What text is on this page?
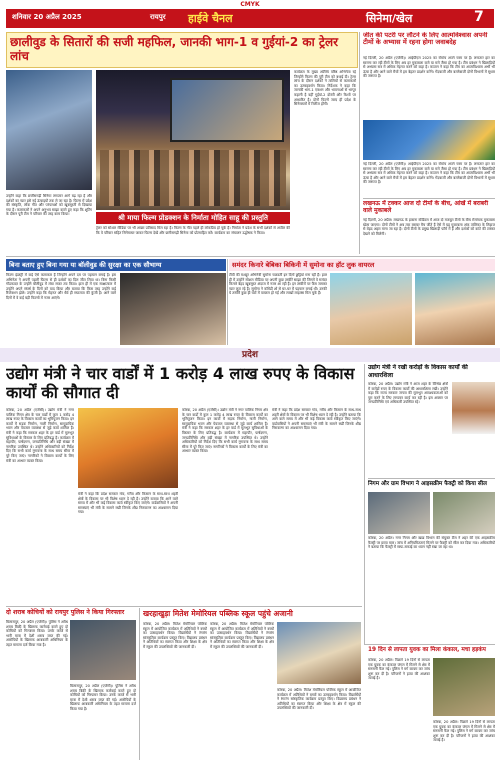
CMYK
शनिवार 20 अप्रैल 2025	रायपुर हाईवे चैनल	सिनेमा/खेल	7
छालीवुड के सितारों की सजी महफिल, जानकी भाग-1 व गुईयां-2 का ट्रेलर लांच
श्री माया फिल्म प्रोडक्शन के निर्माता मोहित साहू की प्रस्तुति
उन्होंने कहा कि छत्तीसगढ़ी सिनेमा लगातार आगे बढ़ रहा है और दर्शकों का प्यार इसे नई ऊंचाइयों तक ले जा रहा है। फिल्म में प्रदेश की संस्कृति, लोक गीत और परंपराओं को खूबसूरती से दिखाया गया है। कलाकारों ने अपने अनुभव साझा करते हुए कहा कि शूटिंग के दौरान पूरी टीम ने परिवार की तरह काम किया।
ट्रेलर को सोशल मीडिया पर भी अच्छा प्रतिसाद मिल रहा है। फिल्म के गीत पहले ही लोकप्रिय हो चुके हैं। निर्माता ने प्रदेश के सभी दर्शकों से अपील की कि वे परिवार सहित सिनेमाघर जाकर फिल्म देखें और छत्तीसगढ़ी सिनेमा को प्रोत्साहित करें। कार्यक्रम का संचालन उद्घोषक ने किया।
कार्यक्रम के मुख्य अतिथि वरिष्ठ अभिनेता रहे जिन्होंने फिल्म की पूरी टीम को बधाई दी। ट्रेलर लांच के दौरान दर्शकों ने तालियों से कलाकारों का उत्साहवर्धन किया। निर्देशक ने कहा कि जानकी भाग-1 एक्शन और भावनाओं से भरपूर कहानी है वहीं गुईयां-2 दोस्ती और रिश्तों पर आधारित है। दोनों फिल्में जल्द ही प्रदेश के सिनेमाघरों में रिलीज होंगी।
जीत की पटरी पर लौटने के लिए आत्मविश्वास अपनी टीमों के अभ्यास में रहना होगा जवाबदेह
नई दिल्ली, 20 अप्रैल (एजेंसी)। आईपीएल 2025 का रोमांच अपने चरम पर है। लगातार हार का सामना कर रही टीमों के लिए अब हर मुकाबला करो या मरो जैसा हो गया है। टीम प्रबंधन ने खिलाड़ियों से अभ्यास सत्र में अधिक मेहनत करने को कहा है। कप्तान ने कहा कि टीम का आत्मविश्वास अभी भी ऊंचा है और आने वाले मैचों में हम बेहतर प्रदर्शन करेंगे। गेंदबाजी और बल्लेबाजी दोनों विभागों में सुधार की जरूरत है।
नई दिल्ली, 20 अप्रैल (एजेंसी)। आईपीएल 2025 का रोमांच अपने चरम पर है। लगातार हार का सामना कर रही टीमों के लिए अब हर मुकाबला करो या मरो जैसा हो गया है। टीम प्रबंधन ने खिलाड़ियों से अभ्यास सत्र में अधिक मेहनत करने को कहा है। कप्तान ने कहा कि टीम का आत्मविश्वास अभी भी ऊंचा है और आने वाले मैचों में हम बेहतर प्रदर्शन करेंगे। गेंदबाजी और बल्लेबाजी दोनों विभागों में सुधार की जरूरत है।
लखनऊ में टक्कर आज दो टीमों के बीच, आंखें में बराबरी वाले मुकाबले
नई दिल्ली, 20 अप्रैल। लखनऊ के इकाना स्टेडियम में आज दो मजबूत टीमों के बीच रोमांचक मुकाबला खेला जाएगा। दोनों टीमों ने अब तक बराबर मैच जीते हैं ऐसे में यह मुकाबला अंक तालिका के लिहाज से बेहद अहम माना जा रहा है। दोनों टीमों के प्रमुख खिलाड़ी फॉर्म में हैं और दर्शकों को कांटे की टक्कर देखने को मिलेगी।
बिना बताए हुए बिना गया या बॉलीवुड की सुरक्षा का एक सौभाग्य
फिल्म इंडस्ट्री में कई ऐसे कलाकार हैं जिन्होंने अपने दम पर पहचान बनाई है। इस अभिनेता ने अपनी पहली फिल्म से ही दर्शकों का दिल जीत लिया था। बिना किसी गॉडफादर के उन्होंने बॉलीवुड में लंबा सफर तय किया। हाल ही में एक साक्षात्कार में उन्होंने अपने संघर्ष के दिनों को याद किया और बताया कि किस तरह उन्होंने कई रिजेक्शन झेले। उन्होंने कहा कि मेहनत और धैर्य ही सफलता की कुंजी है। आने वाले दिनों में वे कई बड़ी फिल्मों में नजर आएंगे।
समंदर किनारे बेबिका बिकिनी में सुमोना का हॉट लुक वायरल
टीवी की मशहूर अभिनेत्री सुमोना चक्रवर्ती इन दिनों छुट्टियां मना रही हैं। हाल ही में उन्होंने सोशल मीडिया पर अपनी कुछ तस्वीरें साझा कीं जिनमें वे समंदर किनारे बेहद खूबसूरत अंदाज में नजर आ रही हैं। इन तस्वीरों पर फैंस जमकर प्यार लुटा रहे हैं। सुमोना ने कॉमेडी शो से घर-घर में पहचान बनाई थी। उनकी ये तस्वीरें कुछ ही घंटों में वायरल हो गईं और लाखों लाइक्स मिल चुके हैं।
प्रदेश
उद्योग मंत्री ने चार वार्डों में 1 करोड़ 4 लाख रुपए के विकास कार्यों की सौगात दी
कोरबा, 20 अप्रैल (एजेंसी)। उद्योग मंत्री ने नगर पालिक निगम क्षेत्र के चार वार्डों में कुल 1 करोड़ 4 लाख रुपए के विकास कार्यों का भूमिपूजन किया। इन कार्यों में सड़क निर्माण, नाली निर्माण, सामुदायिक भवन और पेयजल व्यवस्था से जुड़े कार्य शामिल हैं। मंत्री ने कहा कि सरकार शहर के हर वार्ड में मूलभूत सुविधाओं के विस्तार के लिए प्रतिबद्ध है। कार्यक्रम में महापौर, पार्षदगण, जनप्रतिनिधि और बड़ी संख्या में नागरिक उपस्थित थे। उन्होंने अधिकारियों को निर्देश दिए कि सभी कार्य गुणवत्ता के साथ समय सीमा में पूरे किए जाएं। नागरिकों ने विकास कार्यों के लिए मंत्री का आभार व्यक्त किया।
मंत्री ने कहा कि प्रदेश सरकार गांव, गरीब और किसान के साथ-साथ शहरी क्षेत्रों के विकास पर भी विशेष ध्यान दे रही है। उन्होंने बताया कि आने वाले समय में और भी कई विकास कार्य स्वीकृत किए जाएंगे। वार्डवासियों ने अपनी समस्याएं भी मंत्री के सामने रखीं जिनके शीघ्र निराकरण का आश्वासन दिया गया।
कोरबा, 20 अप्रैल (एजेंसी)। उद्योग मंत्री ने नगर पालिक निगम क्षेत्र के चार वार्डों में कुल 1 करोड़ 4 लाख रुपए के विकास कार्यों का भूमिपूजन किया। इन कार्यों में सड़क निर्माण, नाली निर्माण, सामुदायिक भवन और पेयजल व्यवस्था से जुड़े कार्य शामिल हैं। मंत्री ने कहा कि सरकार शहर के हर वार्ड में मूलभूत सुविधाओं के विस्तार के लिए प्रतिबद्ध है। कार्यक्रम में महापौर, पार्षदगण, जनप्रतिनिधि और बड़ी संख्या में नागरिक उपस्थित थे। उन्होंने अधिकारियों को निर्देश दिए कि सभी कार्य गुणवत्ता के साथ समय सीमा में पूरे किए जाएं। नागरिकों ने विकास कार्यों के लिए मंत्री का आभार व्यक्त किया।
मंत्री ने कहा कि प्रदेश सरकार गांव, गरीब और किसान के साथ-साथ शहरी क्षेत्रों के विकास पर भी विशेष ध्यान दे रही है। उन्होंने बताया कि आने वाले समय में और भी कई विकास कार्य स्वीकृत किए जाएंगे। वार्डवासियों ने अपनी समस्याएं भी मंत्री के सामने रखीं जिनके शीघ्र निराकरण का आश्वासन दिया गया।
उद्योग मंत्री ने रखी करोड़ों के विकास कार्यों की आधारशिला
कोरबा, 20 अप्रैल। उद्योग मंत्री ने आज शहर के विभिन्न क्षेत्रों में करोड़ों रुपए के विकास कार्यों की आधारशिला रखी। उन्होंने कहा कि राज्य सरकार जनता की मूलभूत आवश्यकताओं को पूरा करने के लिए लगातार कार्य कर रही है। इस अवसर पर जनप्रतिनिधि एवं अधिकारी उपस्थित रहे।
निगम और ग्राम विभाग ने आइसक्रीम फैक्ट्री को किया सील
कोरबा, 20 अप्रैल। नगर निगम और खाद्य विभाग की संयुक्त टीम ने शहर की एक आइसक्रीम फैक्ट्री पर छापा मारा। जांच में अनियमितताएं मिलने पर फैक्ट्री को सील कर दिया गया। अधिकारियों ने बताया कि फैक्ट्री में साफ-सफाई का ध्यान नहीं रखा जा रहा था।
दो शराब कोचियों को रायपुर पुलिस ने किया गिरफ्तार
बिलासपुर, 20 अप्रैल (एजेंसी)। पुलिस ने अवैध शराब बिक्री के खिलाफ कार्रवाई करते हुए दो कोचियों को गिरफ्तार किया। उनके कब्जे से भारी मात्रा में देशी शराब जब्त की गई। आरोपियों के खिलाफ आबकारी अधिनियम के तहत मामला दर्ज किया गया है।
बिलासपुर, 20 अप्रैल (एजेंसी)। पुलिस ने अवैध शराब बिक्री के खिलाफ कार्रवाई करते हुए दो कोचियों को गिरफ्तार किया। उनके कब्जे से भारी मात्रा में देशी शराब जब्त की गई। आरोपियों के खिलाफ आबकारी अधिनियम के तहत मामला दर्ज किया गया है।
खरहाखुड़ा मितेश मेमोरियल पब्लिक स्कूल पहुंचे अजानी
कोरबा, 20 अप्रैल। मितेश मेमोरियल पब्लिक स्कूल में आयोजित कार्यक्रम में अतिथियों ने बच्चों का उत्साहवर्धन किया। विद्यार्थियों ने रंगारंग सांस्कृतिक कार्यक्रम प्रस्तुत किए। विद्यालय प्रबंधन ने अतिथियों का स्वागत किया और शिक्षा के क्षेत्र में स्कूल की उपलब्धियों की जानकारी दी।
कोरबा, 20 अप्रैल। मितेश मेमोरियल पब्लिक स्कूल में आयोजित कार्यक्रम में अतिथियों ने बच्चों का उत्साहवर्धन किया। विद्यार्थियों ने रंगारंग सांस्कृतिक कार्यक्रम प्रस्तुत किए। विद्यालय प्रबंधन ने अतिथियों का स्वागत किया और शिक्षा के क्षेत्र में स्कूल की उपलब्धियों की जानकारी दी।
कोरबा, 20 अप्रैल। मितेश मेमोरियल पब्लिक स्कूल में आयोजित कार्यक्रम में अतिथियों ने बच्चों का उत्साहवर्धन किया। विद्यार्थियों ने रंगारंग सांस्कृतिक कार्यक्रम प्रस्तुत किए। विद्यालय प्रबंधन ने अतिथियों का स्वागत किया और शिक्षा के क्षेत्र में स्कूल की उपलब्धियों की जानकारी दी।
19 दिन से लापता युवक का मिला कंकाल, मचा हड़कंप
कोरबा, 20 अप्रैल। पिछले 19 दिनों से लापता एक युवक का कंकाल जंगल में मिलने से क्षेत्र में सनसनी फैल गई। पुलिस ने मर्ग कायम कर जांच शुरू कर दी है। परिजनों ने हत्या की आशंका जताई है।
कोरबा, 20 अप्रैल। पिछले 19 दिनों से लापता एक युवक का कंकाल जंगल में मिलने से क्षेत्र में सनसनी फैल गई। पुलिस ने मर्ग कायम कर जांच शुरू कर दी है। परिजनों ने हत्या की आशंका जताई है।
